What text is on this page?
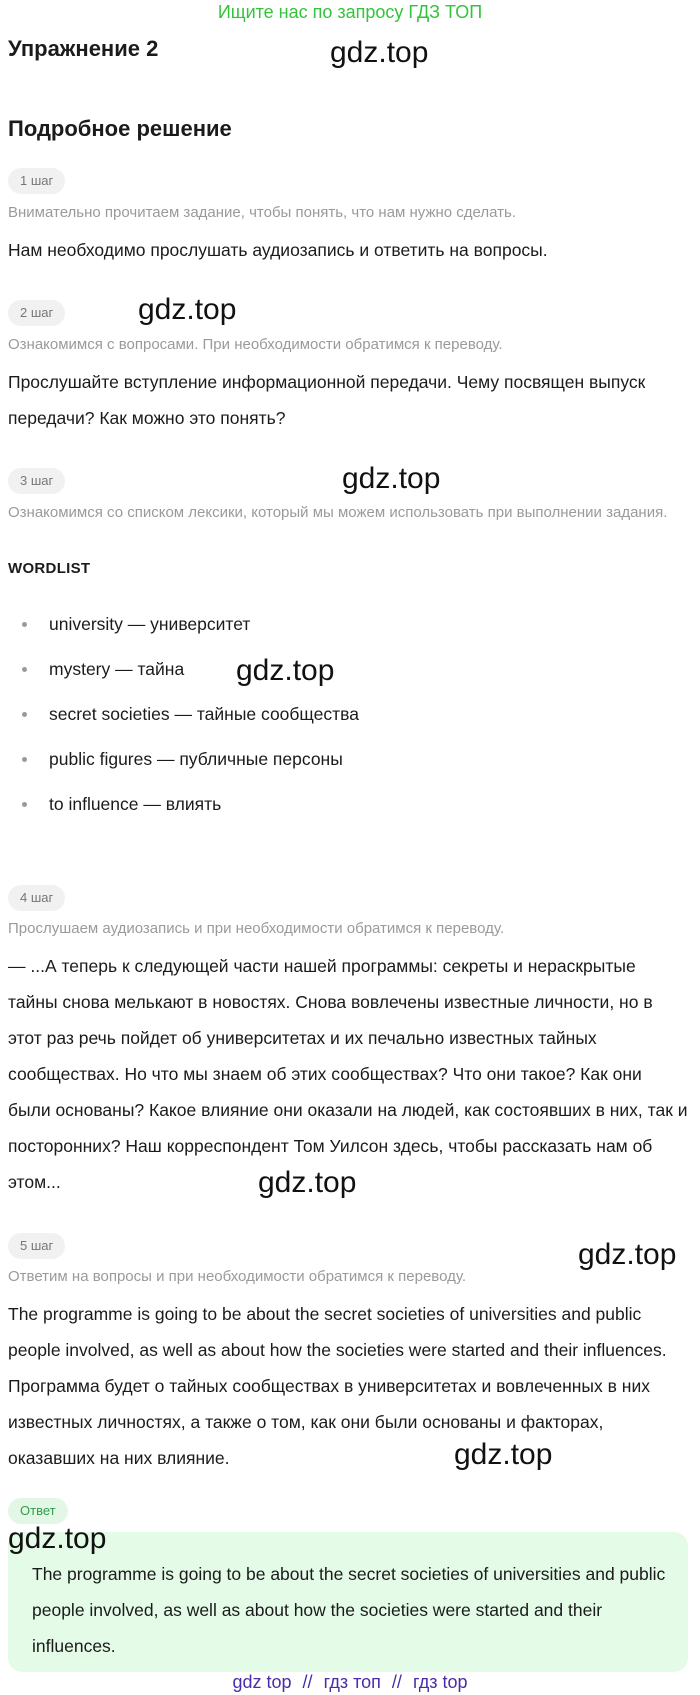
Ищите нас по запросу ГДЗ ТОП
Упражнение 2	gdz.top
Подробное решение
1 шаг
Внимательно прочитаем задание, чтобы понять, что нам нужно сделать.
Нам необходимо прослушать аудиозапись и ответить на вопросы.
2 шаг	gdz.top
Ознакомимся с вопросами. При необходимости обратимся к переводу.
Прослушайте вступление информационной передачи. Чему посвящен выпуск передачи? Как можно это понять?
3 шаг	gdz.top
Ознакомимся со списком лексики, который мы можем использовать при выполнении задания.
WORDLIST
university — университет
mystery — тайна
secret societies — тайные сообщества
public figures — публичные персоны
to influence — влиять
gdz.top
4 шаг
Прослушаем аудиозапись и при необходимости обратимся к переводу.
— ...А теперь к следующей части нашей программы: секреты и нераскрытые тайны снова мелькают в новостях. Снова вовлечены известные личности, но в этот раз речь пойдет об университетах и их печально известных тайных сообществах. Но что мы знаем об этих сообществах? Что они такое? Как они были основаны? Какое влияние они оказали на людей, как состоявших в них, так и посторонних? Наш корреспондент Том Уилсон здесь, чтобы рассказать нам об этом...	gdz.top
5 шаг	gdz.top
Ответим на вопросы и при необходимости обратимся к переводу.
The programme is going to be about the secret societies of universities and public people involved, as well as about how the societies were started and their influences. Программа будет о тайных сообществах в университетах и вовлеченных в них известных личностях, а также о том, как они были основаны и факторах, оказавших на них влияние.	gdz.top
Ответ
gdz.top
The programme is going to be about the secret societies of universities and public people involved, as well as about how the societies were started and their influences.
gdz top // гдз топ // гдз top
